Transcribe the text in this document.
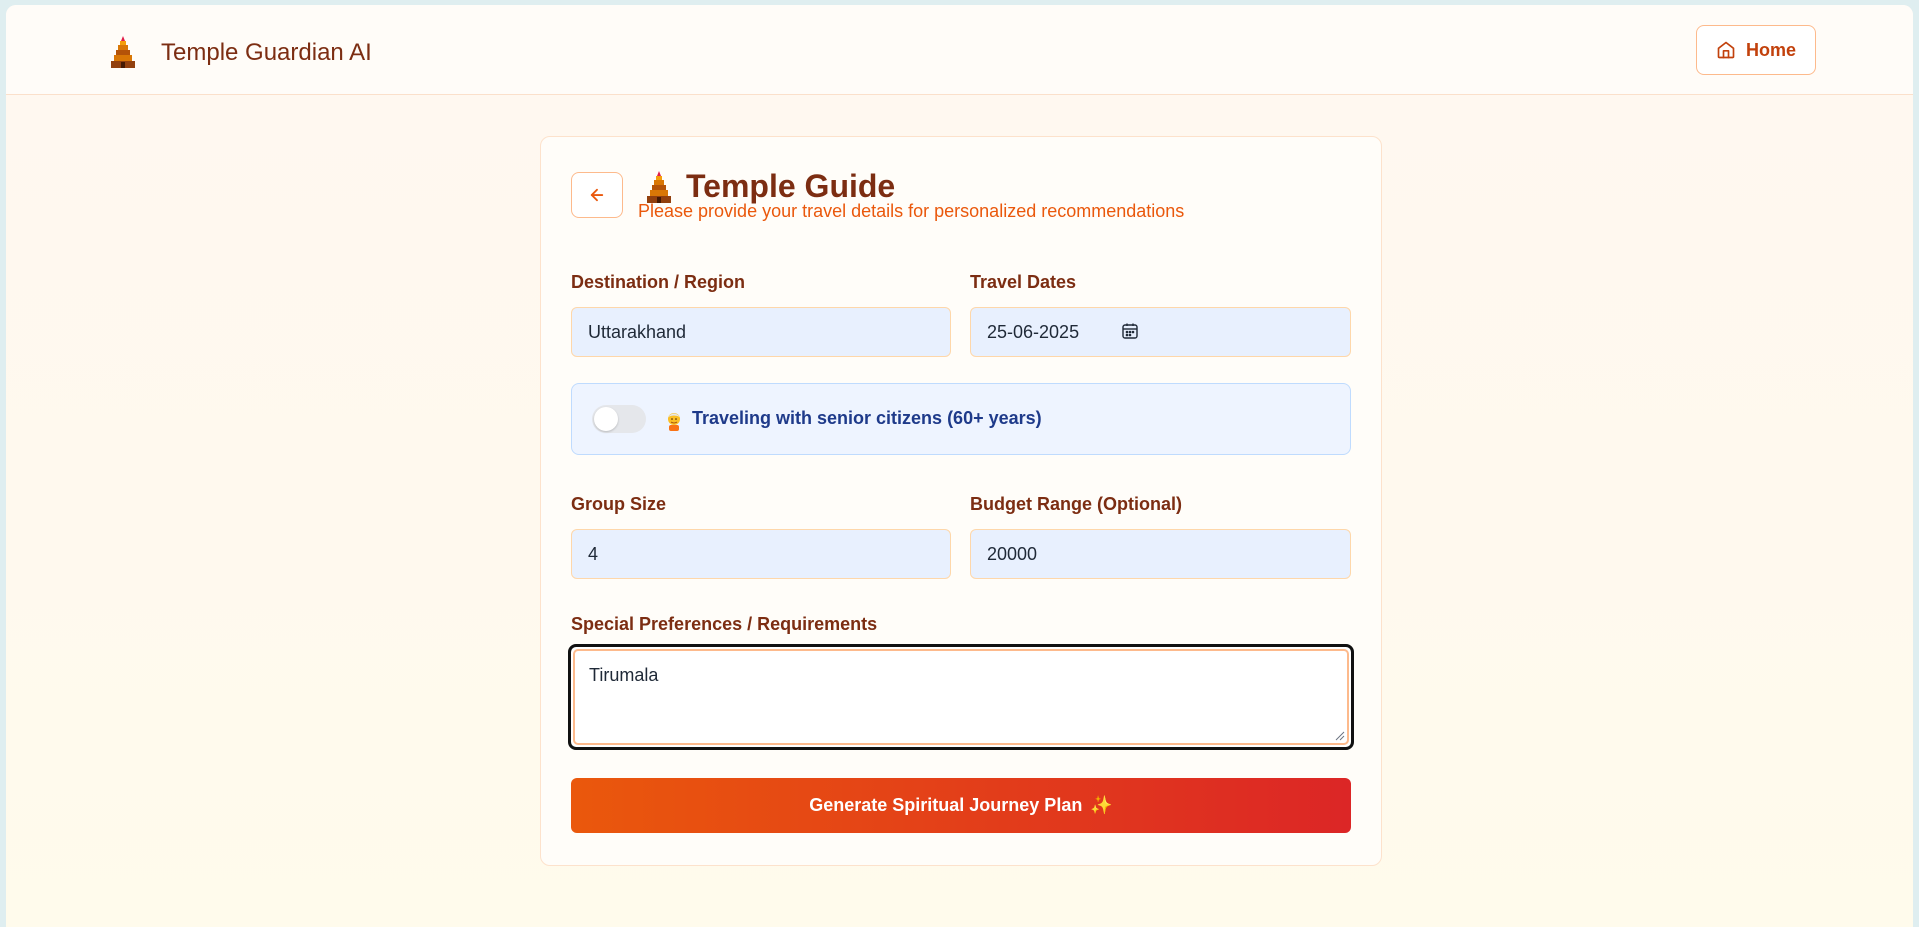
Temple Guardian AI	Home
Temple Guide
Please provide your travel details for personalized recommendations
Destination / Region
Uttarakhand
Travel Dates
25-06-2025
Traveling with senior citizens (60+ years)
Group Size
4
Budget Range (Optional)
20000
Special Preferences / Requirements
Tirumala
Generate Spiritual Journey Plan ✨
